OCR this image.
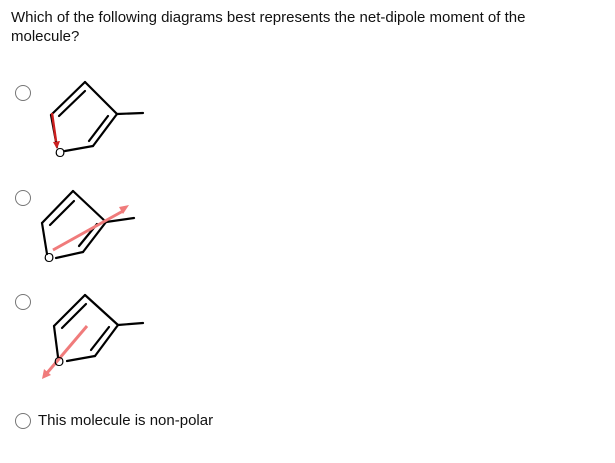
Which of the following diagrams best represents the net-dipole moment of the
molecule?
O
O
O
This molecule is non-polar
